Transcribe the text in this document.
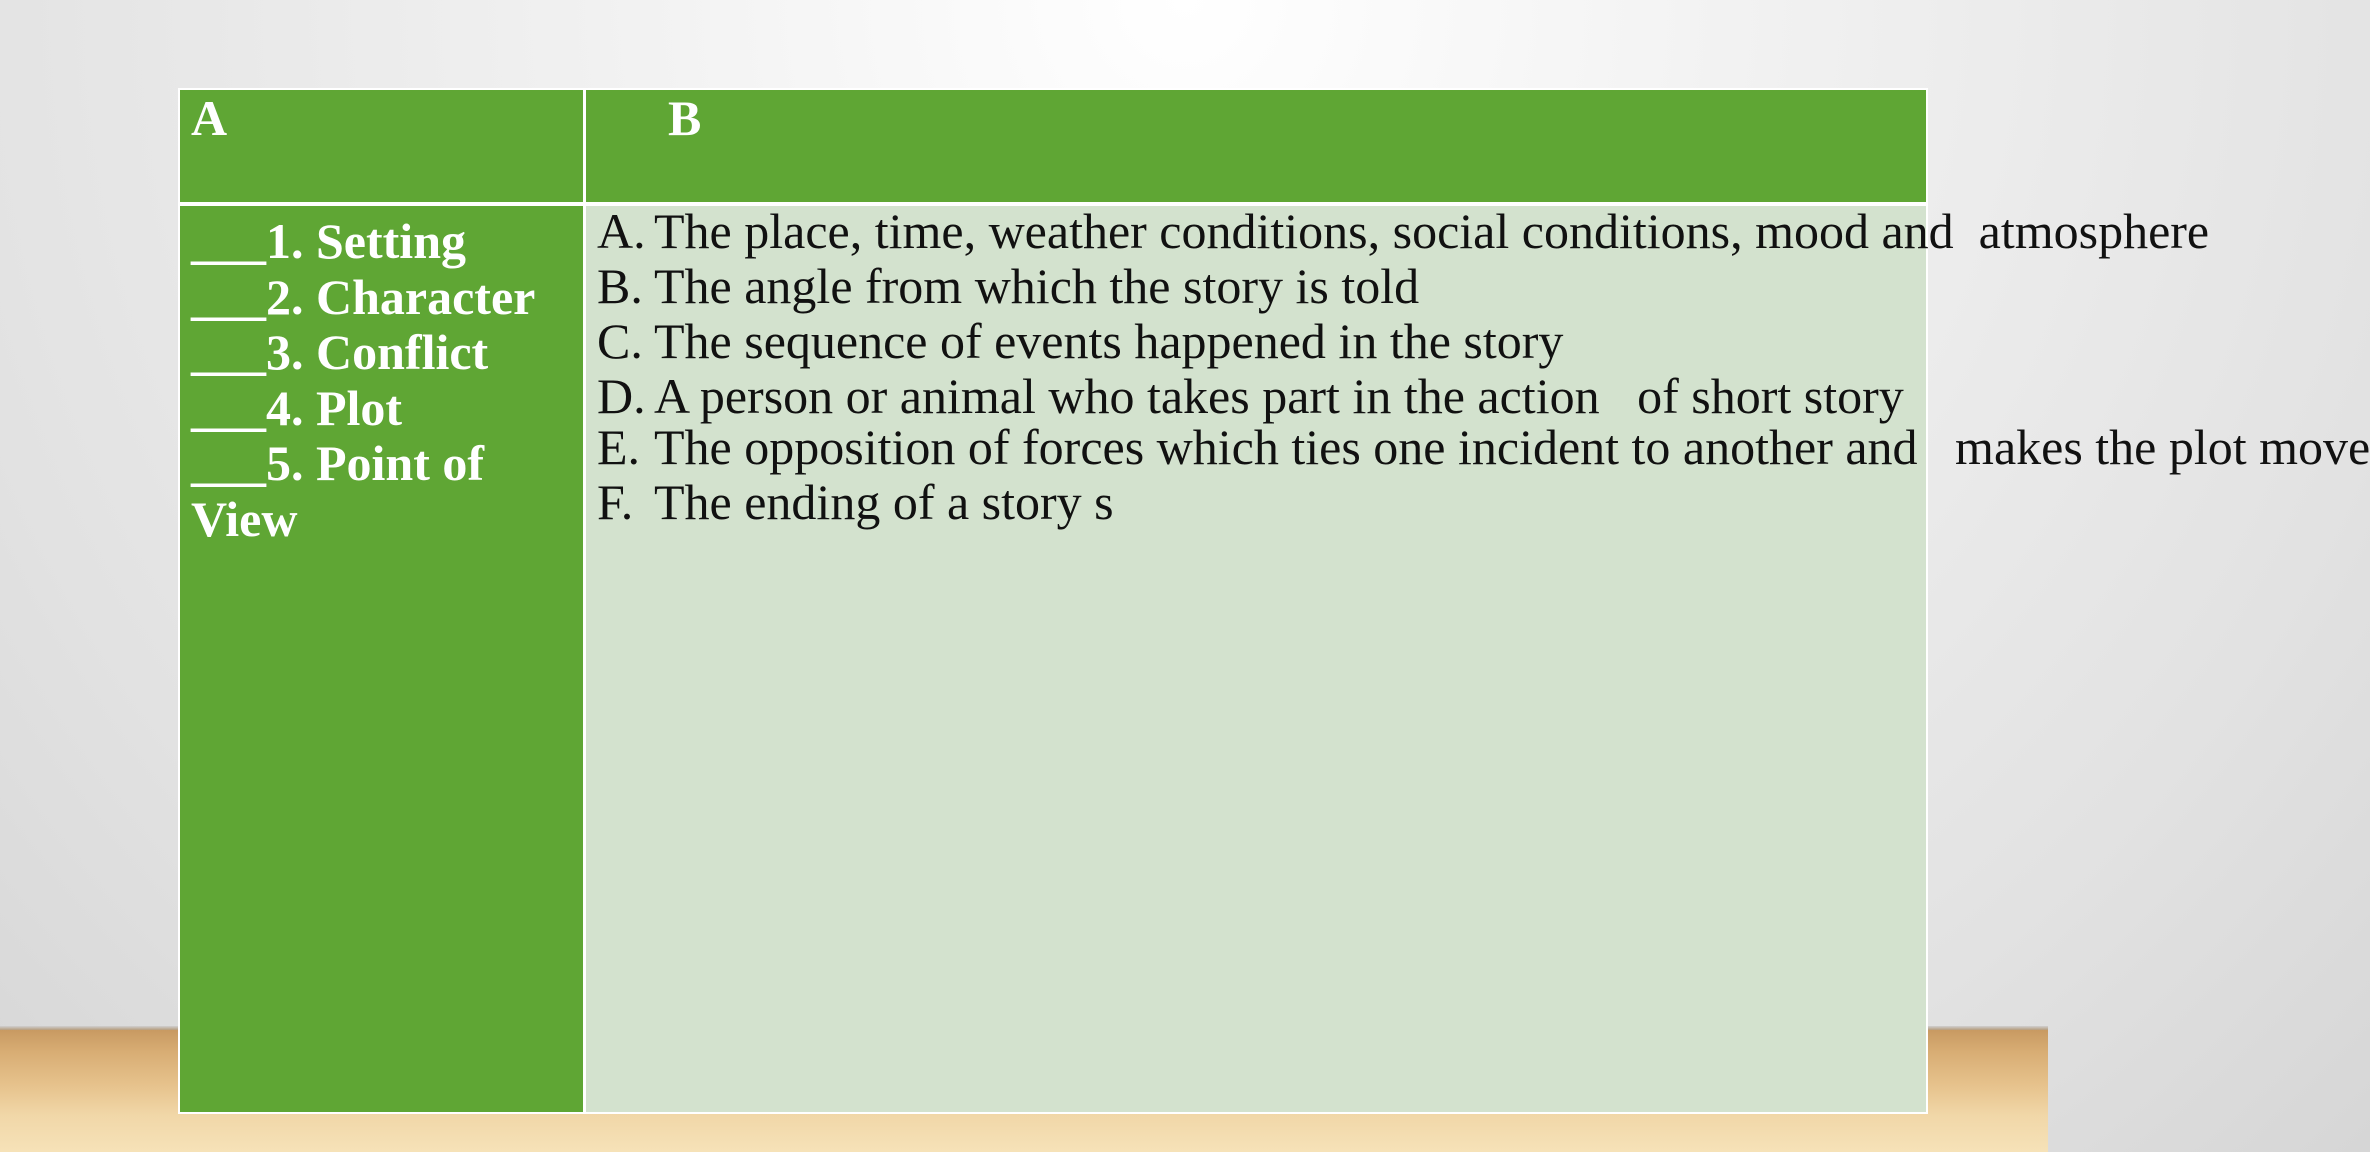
A	B
___1. Setting
___2. Character
___3. Conflict
___4. Plot
___5. Point of View
A. The place, time, weather conditions, social conditions, mood and  atmosphere
B. The angle from which the story is told
C. The sequence of events happened in the story
D. A person or animal who takes part in the action   of short story
E. The opposition of forces which ties one incident to another and   makes the plot move
F. The ending of a story s
